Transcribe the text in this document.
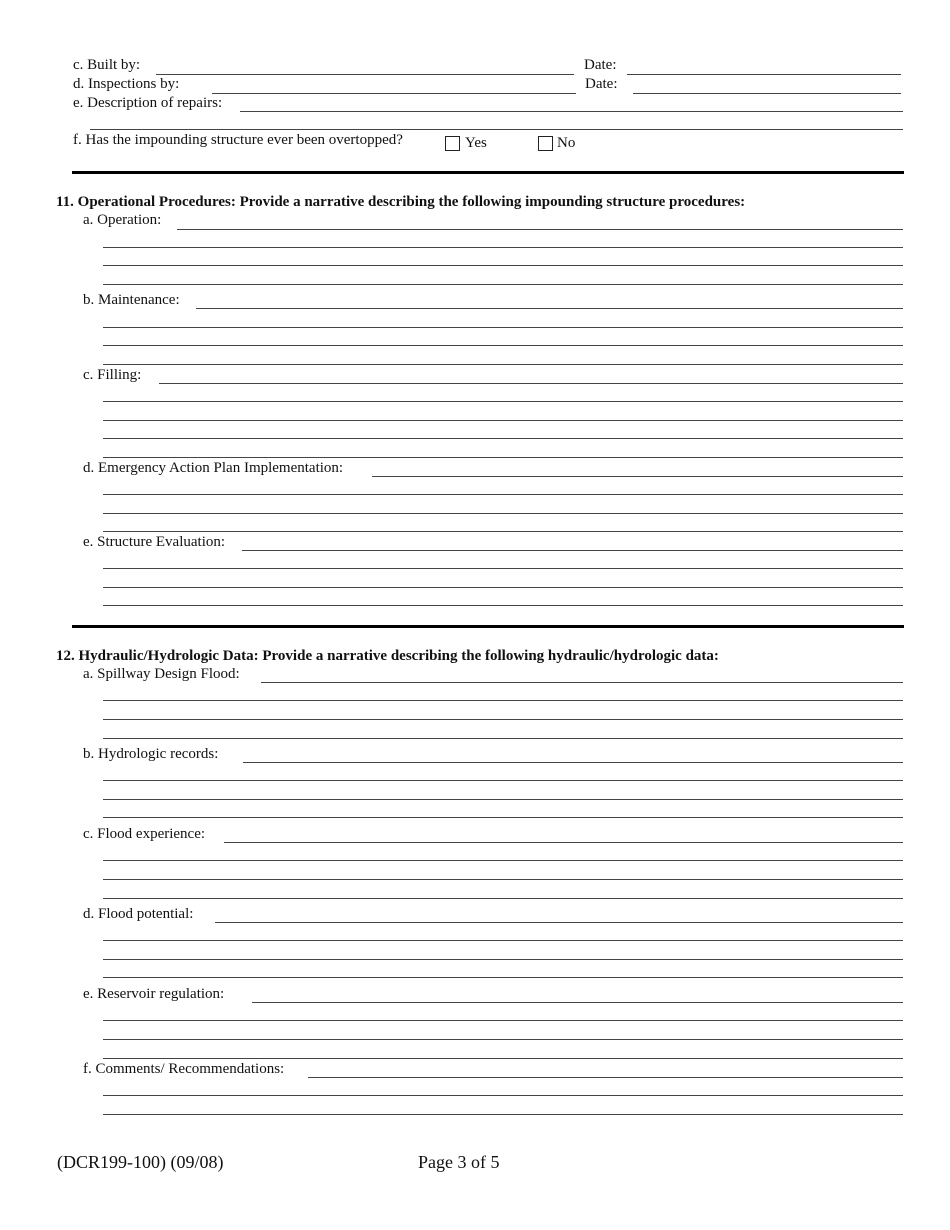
c. Built by:	Date:
d. Inspections by:	Date:
e. Description of repairs:
f. Has the impounding structure ever been overtopped?	Yes	No
11. Operational Procedures: Provide a narrative describing the following impounding structure procedures:
a. Operation:
b. Maintenance:
c. Filling:
d. Emergency Action Plan Implementation:
e. Structure Evaluation:
12. Hydraulic/Hydrologic Data: Provide a narrative describing the following hydraulic/hydrologic data:
a. Spillway Design Flood:
b. Hydrologic records:
c. Flood experience:
d. Flood potential:
e. Reservoir regulation:
f. Comments/ Recommendations:
(DCR199-100) (09/08)	Page 3 of 5
